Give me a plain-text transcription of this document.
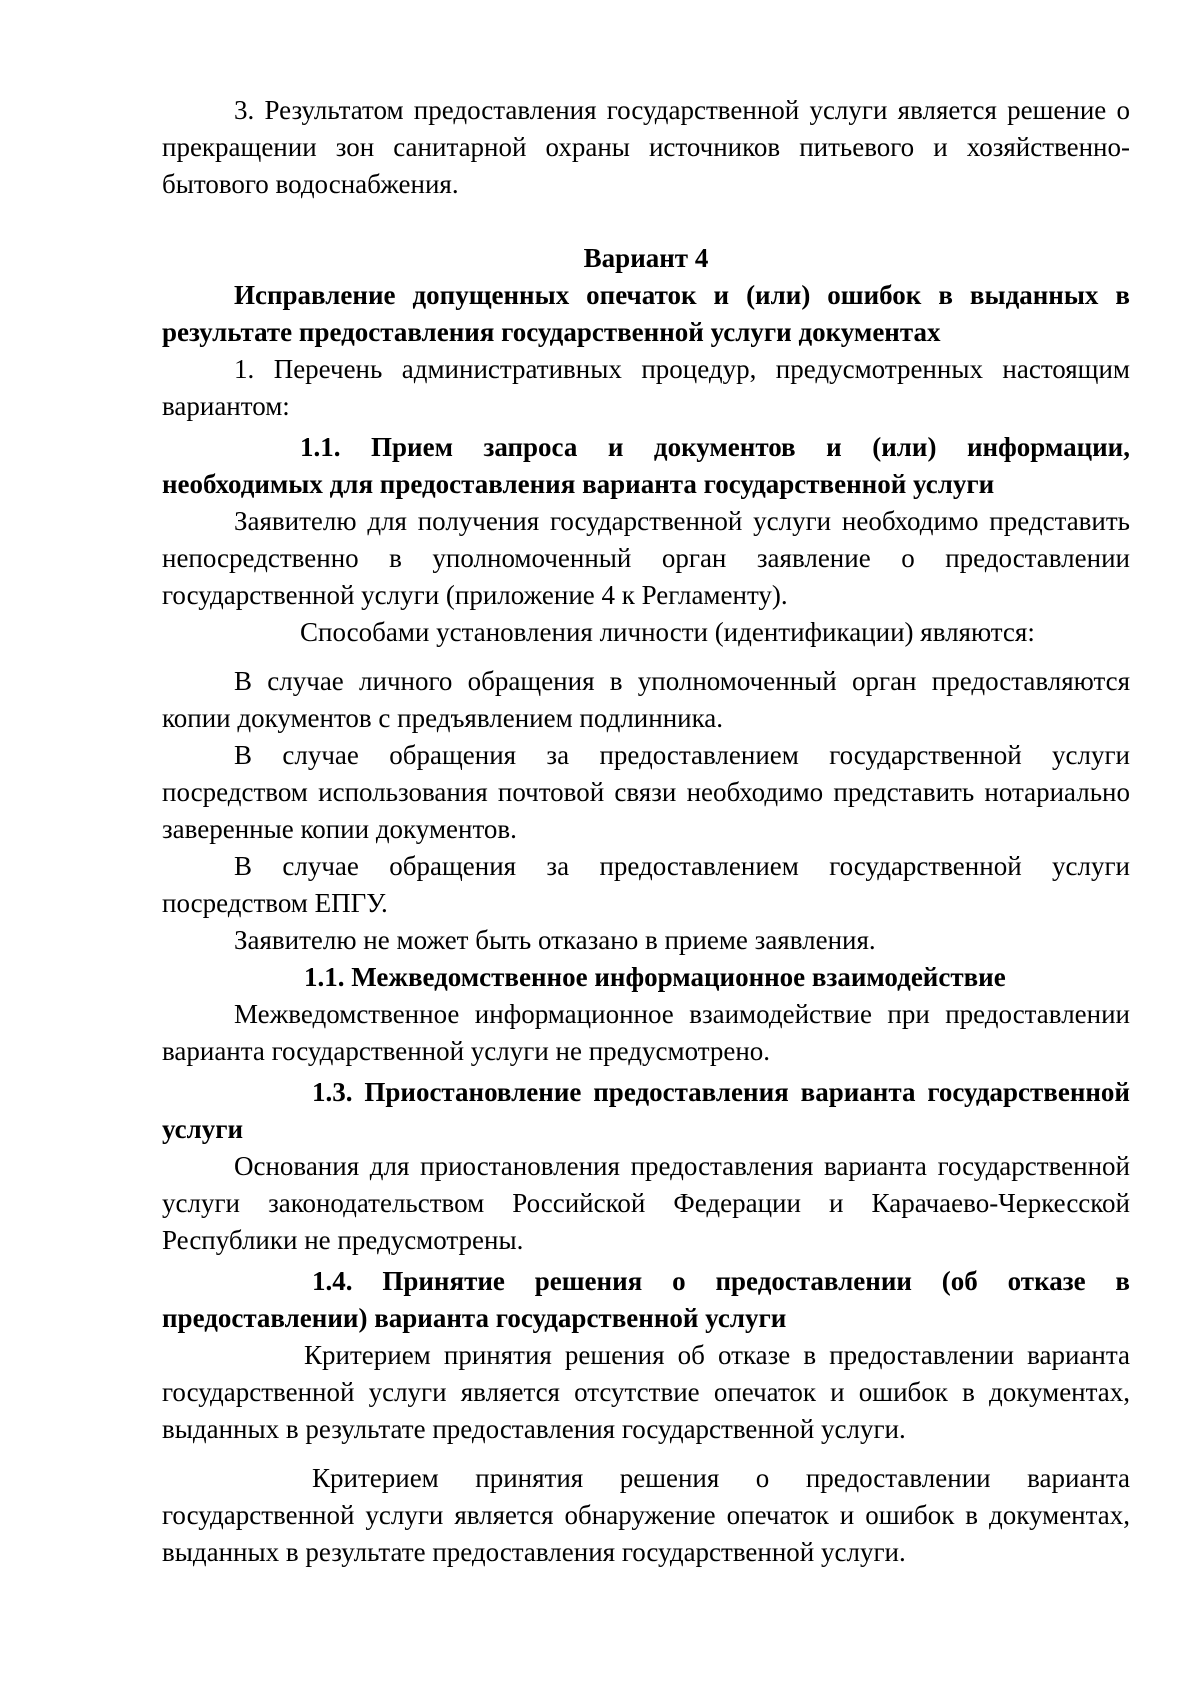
3. Результатом предоставления государственной услуги является решение о прекращении зон санитарной охраны источников питьевого и хозяйственно-бытового водоснабжения.

Вариант 4

Исправление допущенных опечаток и (или) ошибок в выданных в результате предоставления государственной услуги документах

1. Перечень административных процедур, предусмотренных настоящим вариантом:

1.1. Прием запроса и документов и (или) информации, необходимых для предоставления варианта государственной услуги

Заявителю для получения государственной услуги необходимо представить непосредственно в уполномоченный орган заявление о предоставлении государственной услуги (приложение 4 к Регламенту).

Способами установления личности (идентификации) являются:

В случае личного обращения в уполномоченный орган предоставляются копии документов с предъявлением подлинника.

В случае обращения за предоставлением государственной услуги посредством использования почтовой связи необходимо представить нотариально заверенные копии документов.

В случае обращения за предоставлением государственной услуги посредством ЕПГУ.

Заявителю не может быть отказано в приеме заявления.

1.1. Межведомственное информационное взаимодействие

Межведомственное информационное взаимодействие при предоставлении варианта государственной услуги не предусмотрено.

1.3. Приостановление предоставления варианта государственной услуги

Основания для приостановления предоставления варианта государственной услуги законодательством Российской Федерации и Карачаево-Черкесской Республики не предусмотрены.

1.4. Принятие решения о предоставлении (об отказе в предоставлении) варианта государственной услуги

Критерием принятия решения об отказе в предоставлении варианта государственной услуги является отсутствие опечаток и ошибок в документах, выданных в результате предоставления государственной услуги.

Критерием принятия решения о предоставлении варианта государственной услуги является обнаружение опечаток и ошибок в документах, выданных в результате предоставления государственной услуги.
